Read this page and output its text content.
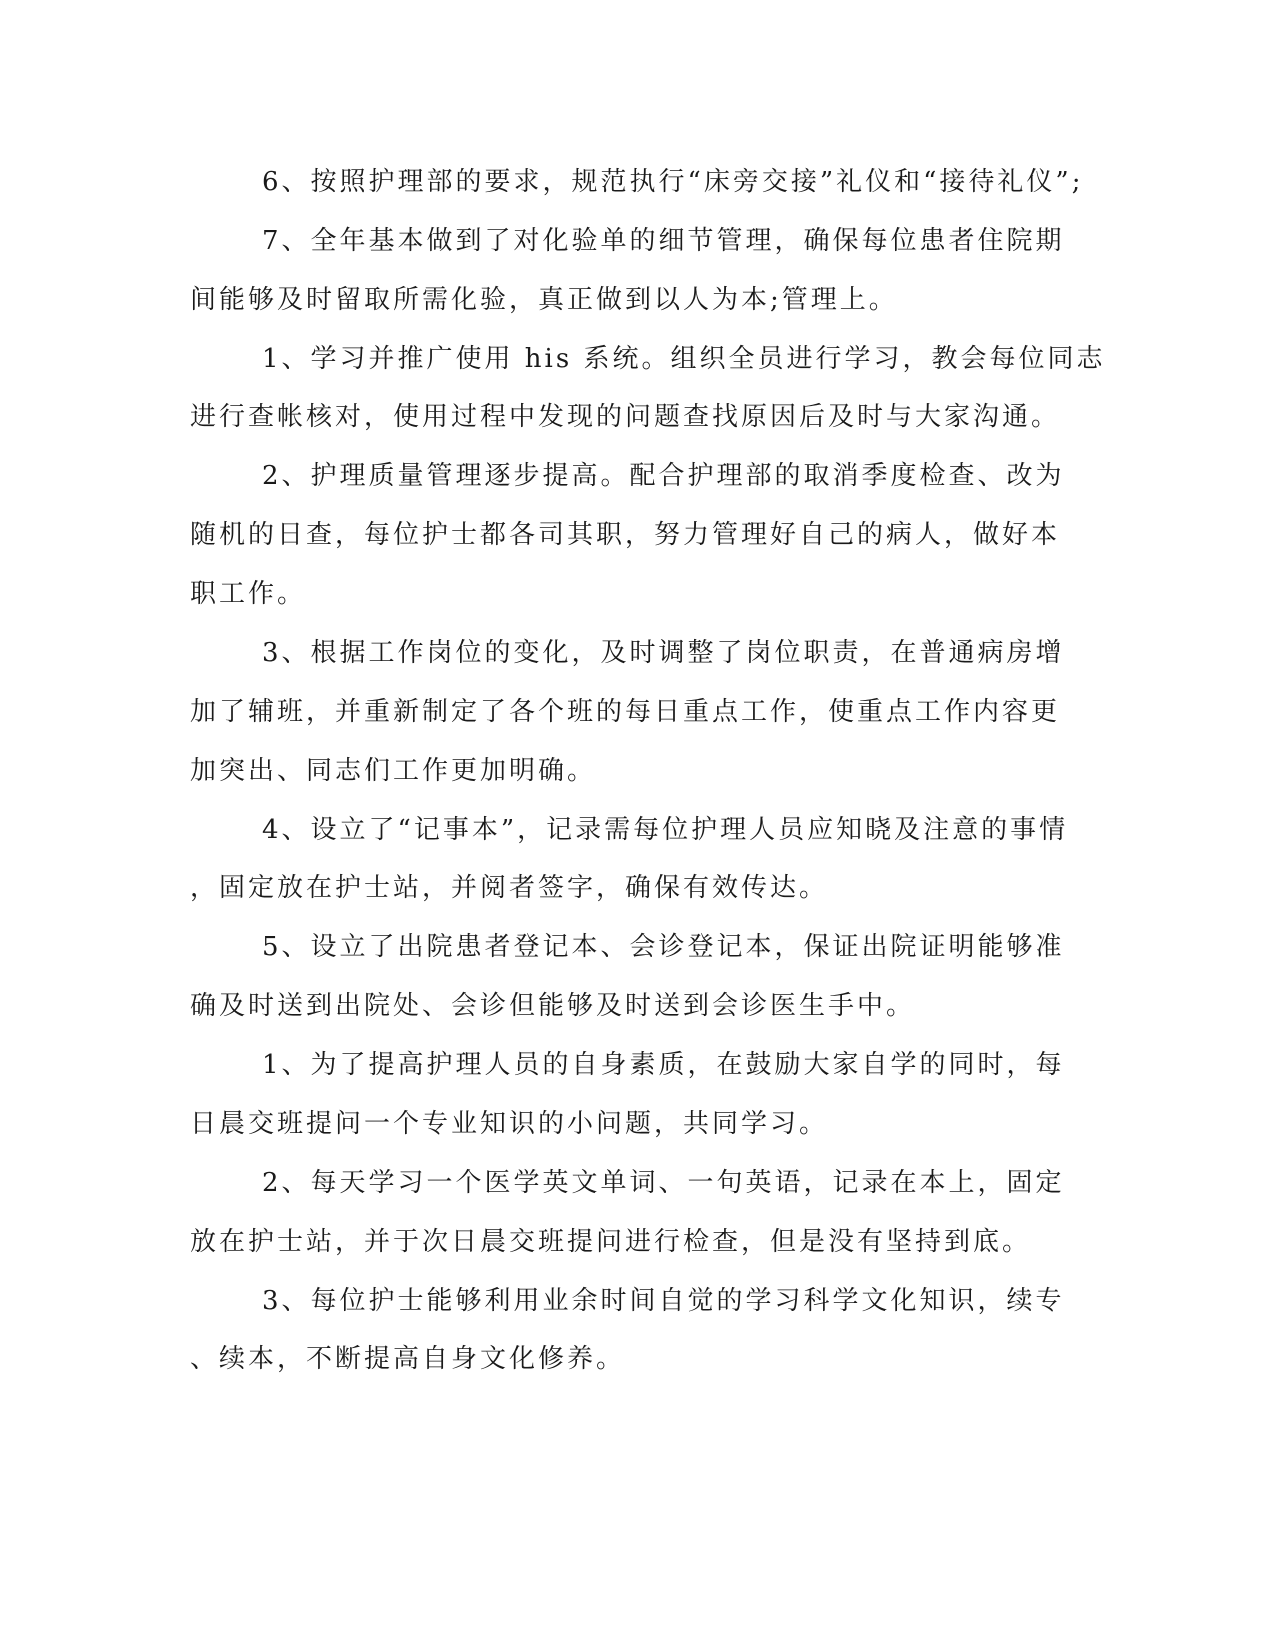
6、按照护理部的要求，规范执行“床旁交接”礼仪和“接待礼仪”;

7、全年基本做到了对化验单的细节管理，确保每位患者住院期

间能够及时留取所需化验，真正做到以人为本;管理上。

1、学习并推广使用 his 系统。组织全员进行学习，教会每位同志

进行查帐核对，使用过程中发现的问题查找原因后及时与大家沟通。

2、护理质量管理逐步提高。配合护理部的取消季度检查、改为

随机的日查，每位护士都各司其职，努力管理好自己的病人，做好本

职工作。

3、根据工作岗位的变化，及时调整了岗位职责，在普通病房增

加了辅班，并重新制定了各个班的每日重点工作，使重点工作内容更

加突出、同志们工作更加明确。

4、设立了“记事本”，记录需每位护理人员应知晓及注意的事情

，固定放在护士站，并阅者签字，确保有效传达。

5、设立了出院患者登记本、会诊登记本，保证出院证明能够准

确及时送到出院处、会诊但能够及时送到会诊医生手中。

1、为了提高护理人员的自身素质，在鼓励大家自学的同时，每

日晨交班提问一个专业知识的小问题，共同学习。

2、每天学习一个医学英文单词、一句英语，记录在本上，固定

放在护士站，并于次日晨交班提问进行检查，但是没有坚持到底。

3、每位护士能够利用业余时间自觉的学习科学文化知识，续专

、续本，不断提高自身文化修养。
